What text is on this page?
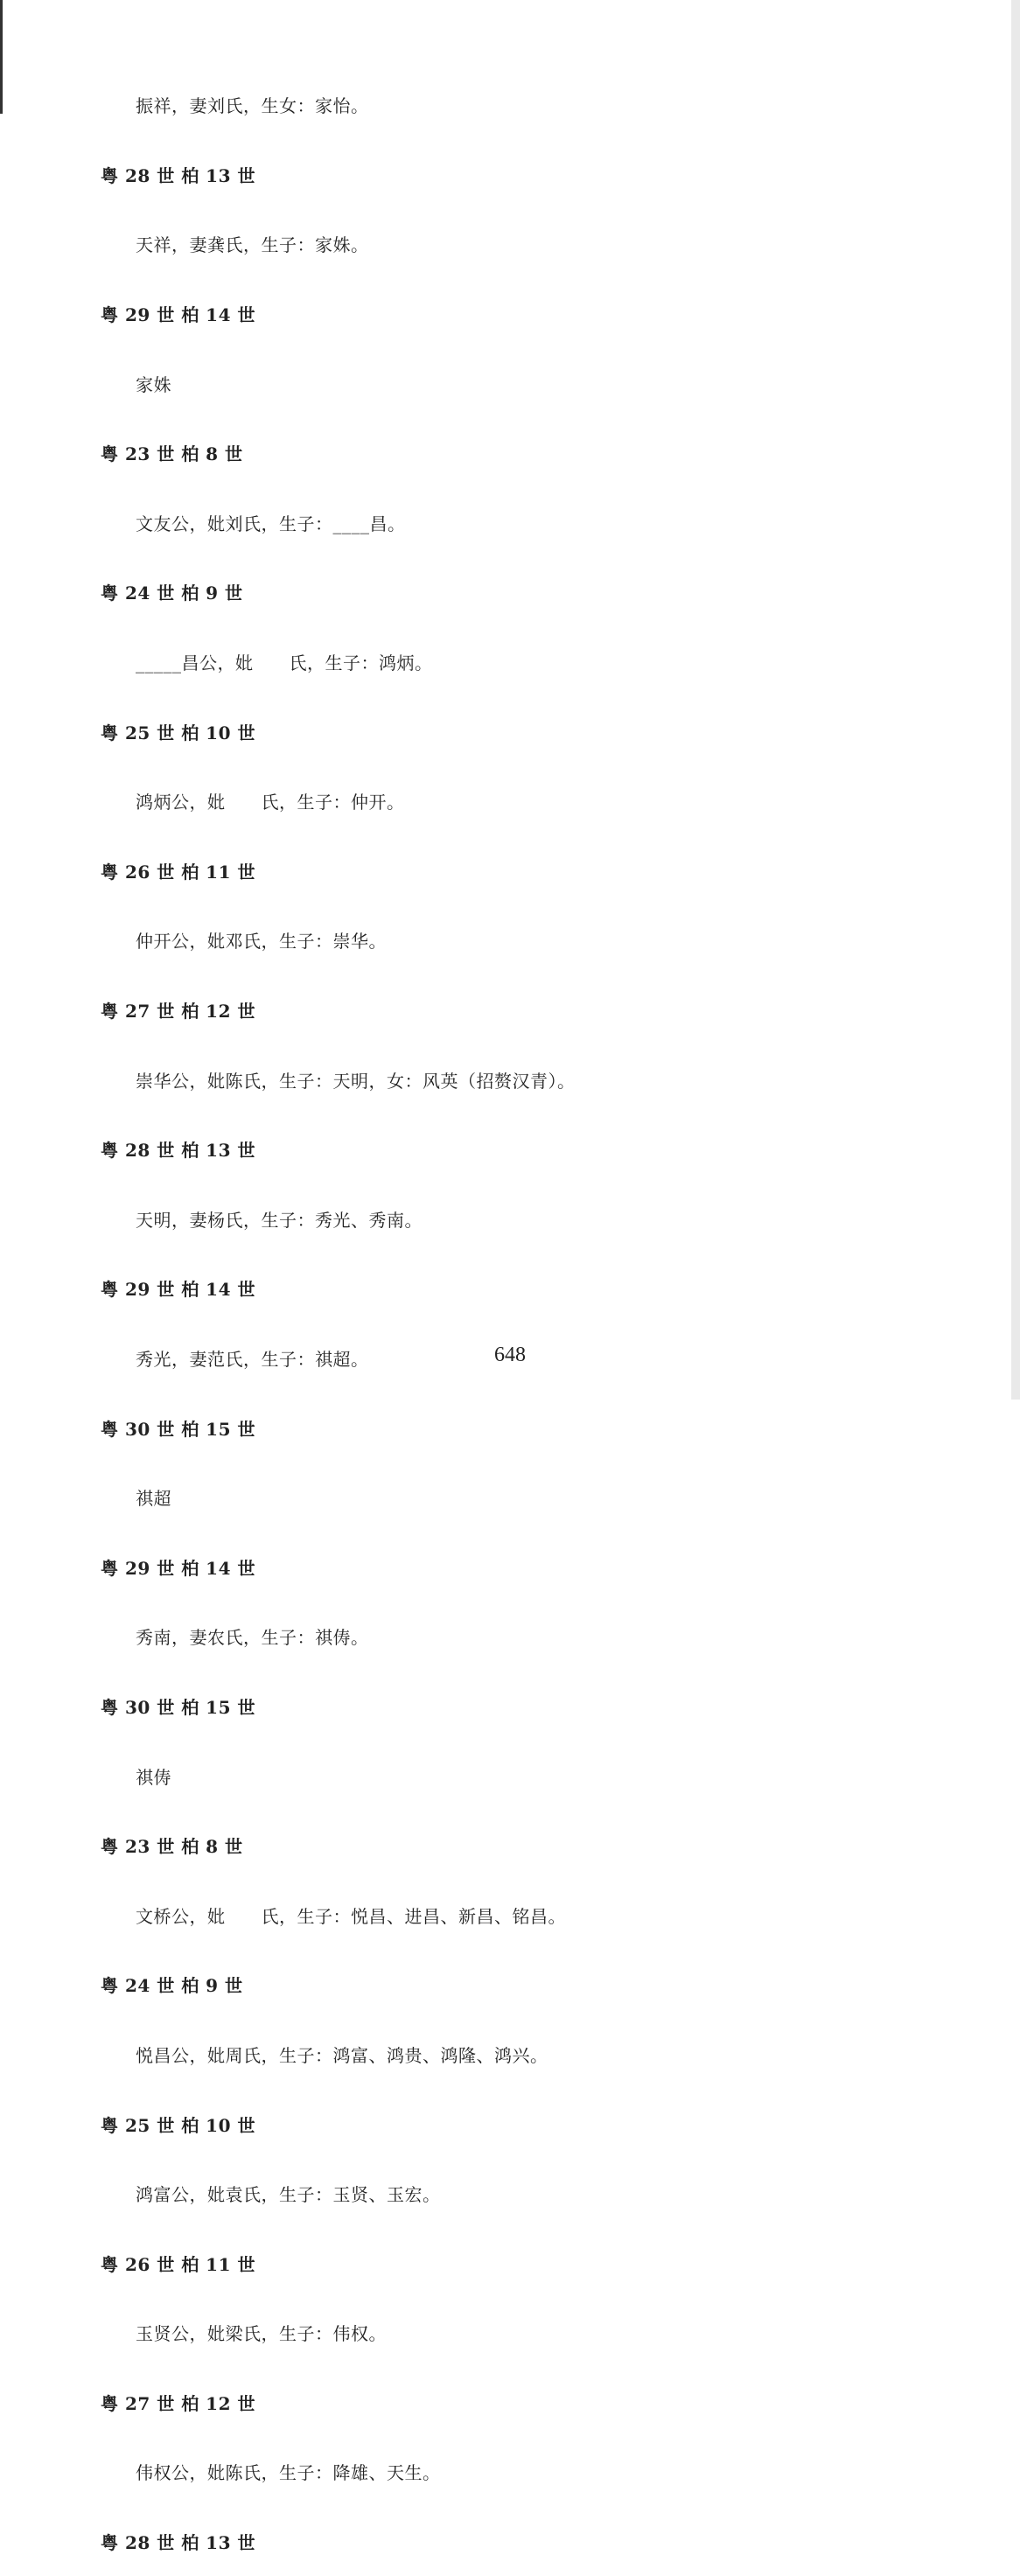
振祥，妻刘氏，生女：家怡。
粤 28 世 柏 13 世
天祥，妻龚氏，生子：家姝。
粤 29 世 柏 14 世
家姝
粤 23 世 柏 8 世
文友公，妣刘氏，生子：____昌。
粤 24 世 柏 9 世
_____昌公，妣　　氏，生子：鸿炳。
粤 25 世 柏 10 世
鸿炳公，妣　　氏，生子：仲开。
粤 26 世 柏 11 世
仲开公，妣邓氏，生子：崇华。
粤 27 世 柏 12 世
崇华公，妣陈氏，生子：天明，女：风英（招赘汉青）。
粤 28 世 柏 13 世
天明，妻杨氏，生子：秀光、秀南。
粤 29 世 柏 14 世
秀光，妻范氏，生子：祺超。
粤 30 世 柏 15 世
祺超
粤 29 世 柏 14 世
秀南，妻农氏，生子：祺俦。
粤 30 世 柏 15 世
祺俦
粤 23 世 柏 8 世
文桥公，妣　　氏，生子：悦昌、进昌、新昌、铭昌。
粤 24 世 柏 9 世
悦昌公，妣周氏，生子：鸿富、鸿贵、鸿隆、鸿兴。
粤 25 世 柏 10 世
鸿富公，妣袁氏，生子：玉贤、玉宏。
粤 26 世 柏 11 世
玉贤公，妣梁氏，生子：伟权。
粤 27 世 柏 12 世
伟权公，妣陈氏，生子：降雄、天生。
粤 28 世 柏 13 世
648
